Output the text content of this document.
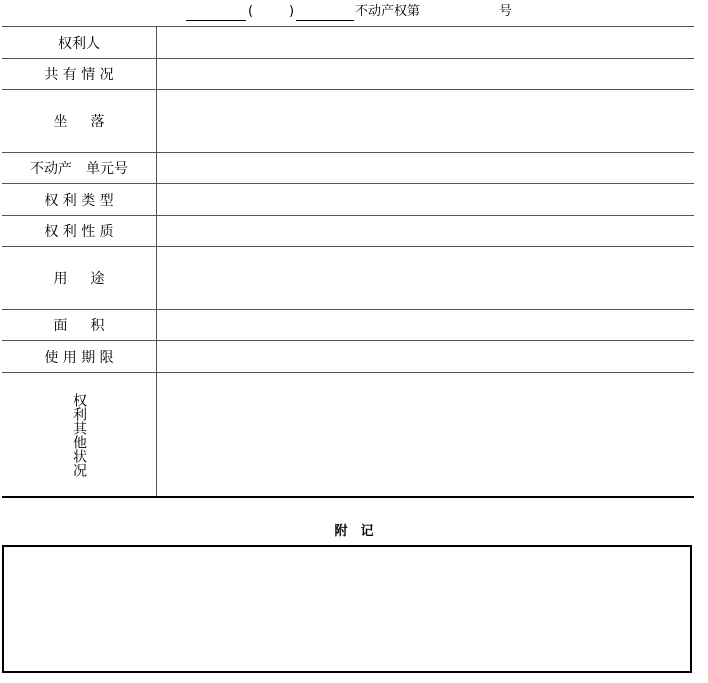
(	)	不动产权第	号
权利人
共 有 情 况
坐 　 落
不动产　单元号
权 利 类 型
权 利 性 质
用 　 途
面 　 积
使 用 期 限
权利其他状况
附　记
